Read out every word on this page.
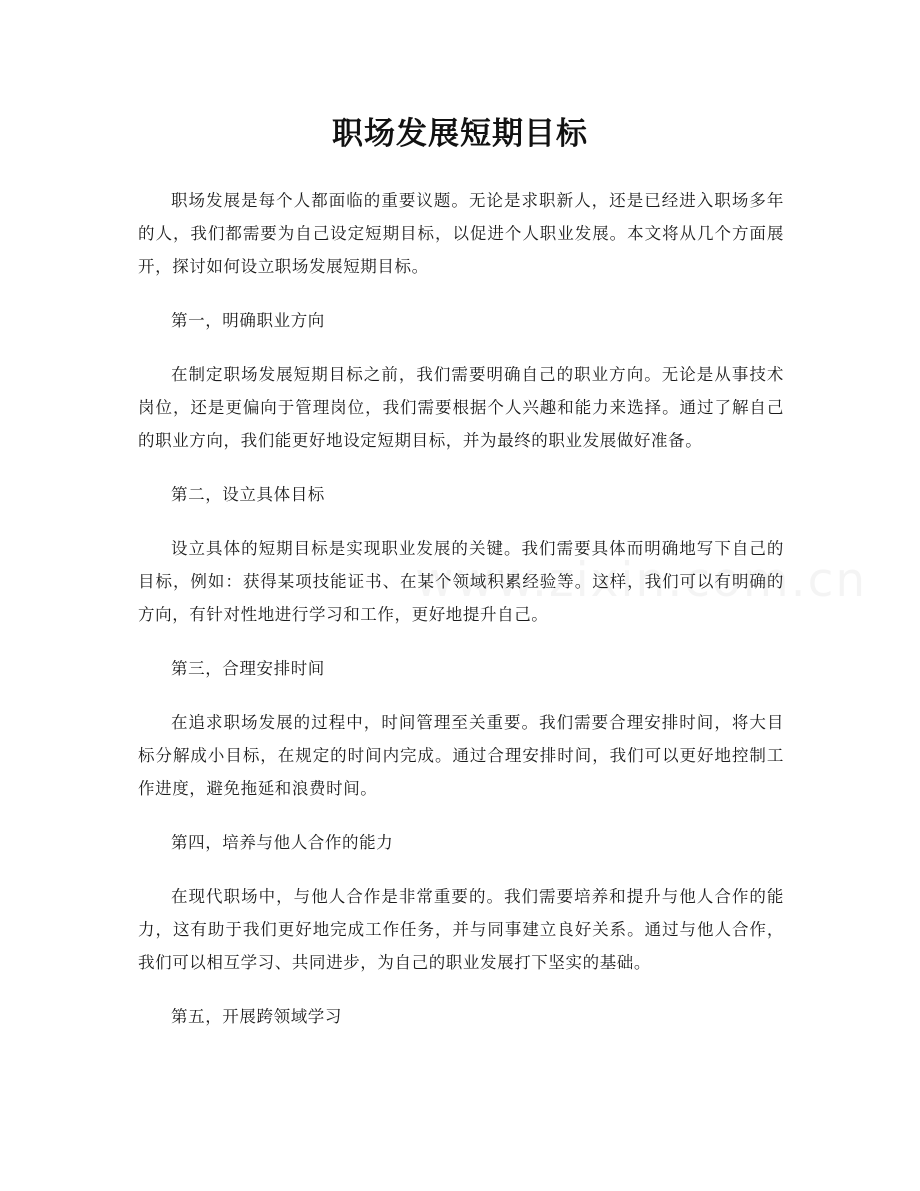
职场发展短期目标

职场发展是每个人都面临的重要议题。无论是求职新人，还是已经进入职场多年的人，我们都需要为自己设定短期目标，以促进个人职业发展。本文将从几个方面展开，探讨如何设立职场发展短期目标。

第一，明确职业方向

在制定职场发展短期目标之前，我们需要明确自己的职业方向。无论是从事技术岗位，还是更偏向于管理岗位，我们需要根据个人兴趣和能力来选择。通过了解自己的职业方向，我们能更好地设定短期目标，并为最终的职业发展做好准备。

第二，设立具体目标

设立具体的短期目标是实现职业发展的关键。我们需要具体而明确地写下自己的目标，例如：获得某项技能证书、在某个领域积累经验等。这样，我们可以有明确的方向，有针对性地进行学习和工作，更好地提升自己。

第三，合理安排时间

在追求职场发展的过程中，时间管理至关重要。我们需要合理安排时间，将大目标分解成小目标，在规定的时间内完成。通过合理安排时间，我们可以更好地控制工作进度，避免拖延和浪费时间。

第四，培养与他人合作的能力

在现代职场中，与他人合作是非常重要的。我们需要培养和提升与他人合作的能力，这有助于我们更好地完成工作任务，并与同事建立良好关系。通过与他人合作，我们可以相互学习、共同进步，为自己的职业发展打下坚实的基础。

第五，开展跨领域学习
